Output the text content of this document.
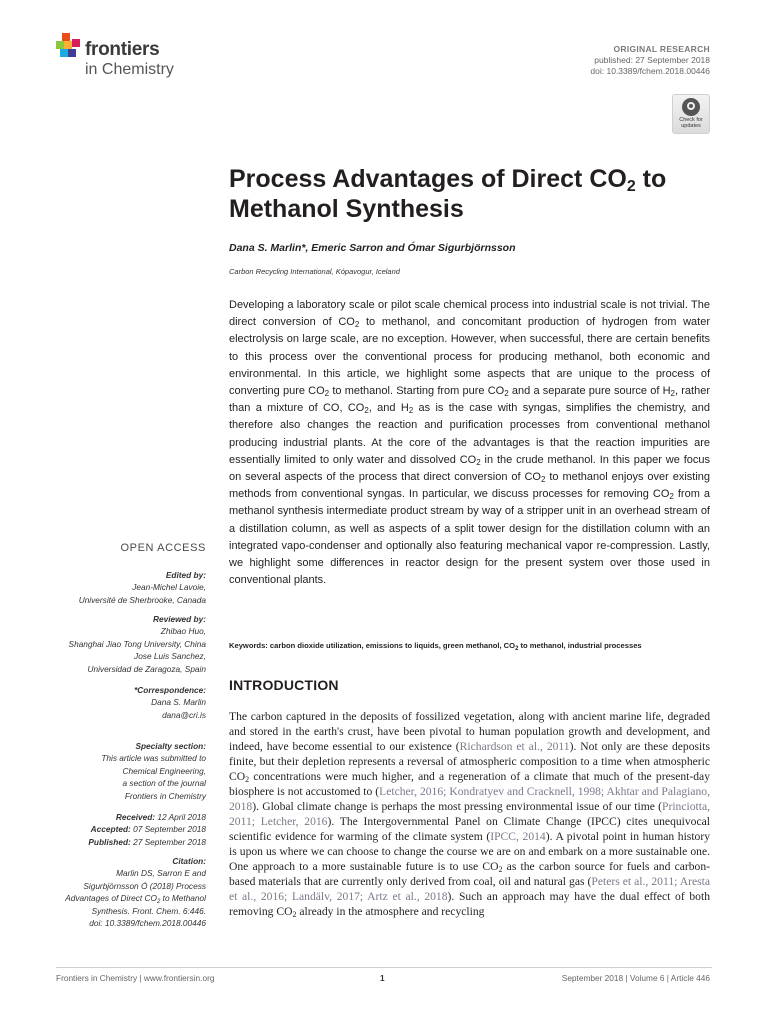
frontiers
in Chemistry
ORIGINAL RESEARCH
published: 27 September 2018
doi: 10.3389/fchem.2018.00446
Check for updates
Process Advantages of Direct $CO_2$ to
Methanol Synthesis
Dana S. Marlin*, Emeric Sarron and Ómar Sigurbjörnsson
Carbon Recycling International, Kópavogur, Iceland
Developing a laboratory scale or pilot scale chemical process into industrial scale is not trivial. The direct conversion of $CO_2$ to methanol, and concomitant production of hydrogen from water electrolysis on large scale, are no exception. However, when successful, there are certain benefits to this process over the conventional process for producing methanol, both economic and environmental. In this article, we highlight some aspects that are unique to the process of converting pure $CO_2$ to methanol. Starting from pure $CO_2$ and a separate pure source of $H_2$, rather than a mixture of CO, $CO_2$, and $H_2$ as is the case with syngas, simplifies the chemistry, and therefore also changes the reaction and purification processes from conventional methanol producing industrial plants. At the core of the advantages is that the reaction impurities are essentially limited to only water and dissolved $CO_2$ in the crude methanol. In this paper we focus on several aspects of the process that direct conversion of $CO_2$ to methanol enjoys over existing methods from conventional syngas. In particular, we discuss processes for removing $CO_2$ from a methanol synthesis intermediate product stream by way of a stripper unit in an overhead stream of a distillation column, as well as aspects of a split tower design for the distillation column with an integrated vapo-condenser and optionally also featuring mechanical vapor re-compression. Lastly, we highlight some differences in reactor design for the present system over those used in conventional plants.
Keywords: carbon dioxide utilization, emissions to liquids, green methanol, $CO_2$ to methanol, industrial processes
OPEN ACCESS
Edited by:
Jean-Michel Lavoie,
Université de Sherbrooke, Canada
Reviewed by:
Zhibao Huo,
Shanghai Jiao Tong University, China
Jose Luis Sanchez,
Universidad de Zaragoza, Spain
*Correspondence:
Dana S. Marlin
dana@cri.is
Specialty section:
This article was submitted to
Chemical Engineering,
a section of the journal
Frontiers in Chemistry
Received: 12 April 2018
Accepted: 07 September 2018
Published: 27 September 2018
Citation:
Marlin DS, Sarron E and
Sigurbjörnsson Ó (2018) Process
Advantages of Direct $CO_2$ to Methanol
Synthesis. Front. Chem. 6:446.
doi: 10.3389/fchem.2018.00446
INTRODUCTION
The carbon captured in the deposits of fossilized vegetation, along with ancient marine life, degraded and stored in the earth's crust, have been pivotal to human population growth and development, and indeed, have become essential to our existence (Richardson et al., 2011). Not only are these deposits finite, but their depletion represents a reversal of atmospheric composition to a time when atmospheric $CO_2$ concentrations were much higher, and a regeneration of a climate that much of the present-day biosphere is not accustomed to (Letcher, 2016; Kondratyev and Cracknell, 1998; Akhtar and Palagiano, 2018). Global climate change is perhaps the most pressing environmental issue of our time (Princiotta, 2011; Letcher, 2016). The Intergovernmental Panel on Climate Change (IPCC) cites unequivocal scientific evidence for warming of the climate system (IPCC, 2014). A pivotal point in human history is upon us where we can choose to change the course we are on and embark on a more sustainable one. One approach to a more sustainable future is to use $CO_2$ as the carbon source for fuels and carbon-based materials that are currently only derived from coal, oil and natural gas (Peters et al., 2011; Aresta et al., 2016; Landälv, 2017; Artz et al., 2018). Such an approach may have the dual effect of both removing $CO_2$ already in the atmosphere and recycling
Frontiers in Chemistry | www.frontiersin.org	1	September 2018 | Volume 6 | Article 446
